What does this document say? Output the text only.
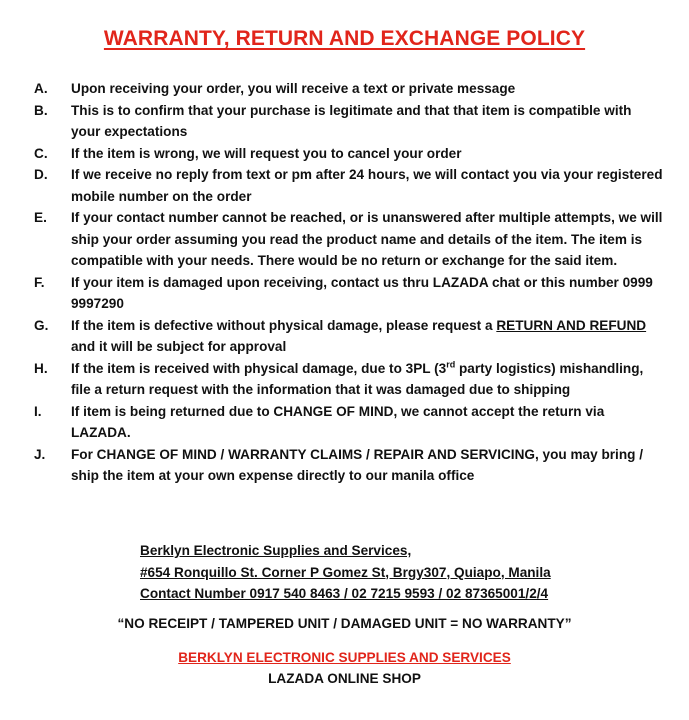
WARRANTY, RETURN AND EXCHANGE POLICY
A.	Upon receiving your order, you will receive a text or private message
B.	This is to confirm that your purchase is legitimate and that that item is compatible with your expectations
C.	If the item is wrong, we will request you to cancel your order
D.	If we receive no reply from text or pm after 24 hours, we will contact you via your registered mobile number on the order
E.	If your contact number cannot be reached, or is unanswered after multiple attempts, we will ship your order assuming you read the product name and details of the item. The item is compatible with your needs. There would be no return or exchange for the said item.
F.	If your item is damaged upon receiving, contact us thru LAZADA chat or this number 0999 9997290
G.	If the item is defective without physical damage, please request a RETURN AND REFUND and it will be subject for approval
H.	If the item is received with physical damage, due to 3PL (3rd party logistics) mishandling, file a return request with the information that it was damaged due to shipping
I.	If item is being returned due to CHANGE OF MIND, we cannot accept the return via LAZADA.
J.	For CHANGE OF MIND / WARRANTY CLAIMS / REPAIR AND SERVICING, you may bring / ship the item at your own expense directly to our manila office
Berklyn Electronic Supplies and Services,
#654 Ronquillo St. Corner P Gomez St, Brgy307, Quiapo, Manila
Contact Number 0917 540 8463 / 02 7215 9593 / 02 87365001/2/4
“NO RECEIPT / TAMPERED UNIT / DAMAGED UNIT = NO WARRANTY”
BERKLYN ELECTRONIC SUPPLIES AND SERVICES
LAZADA ONLINE SHOP
